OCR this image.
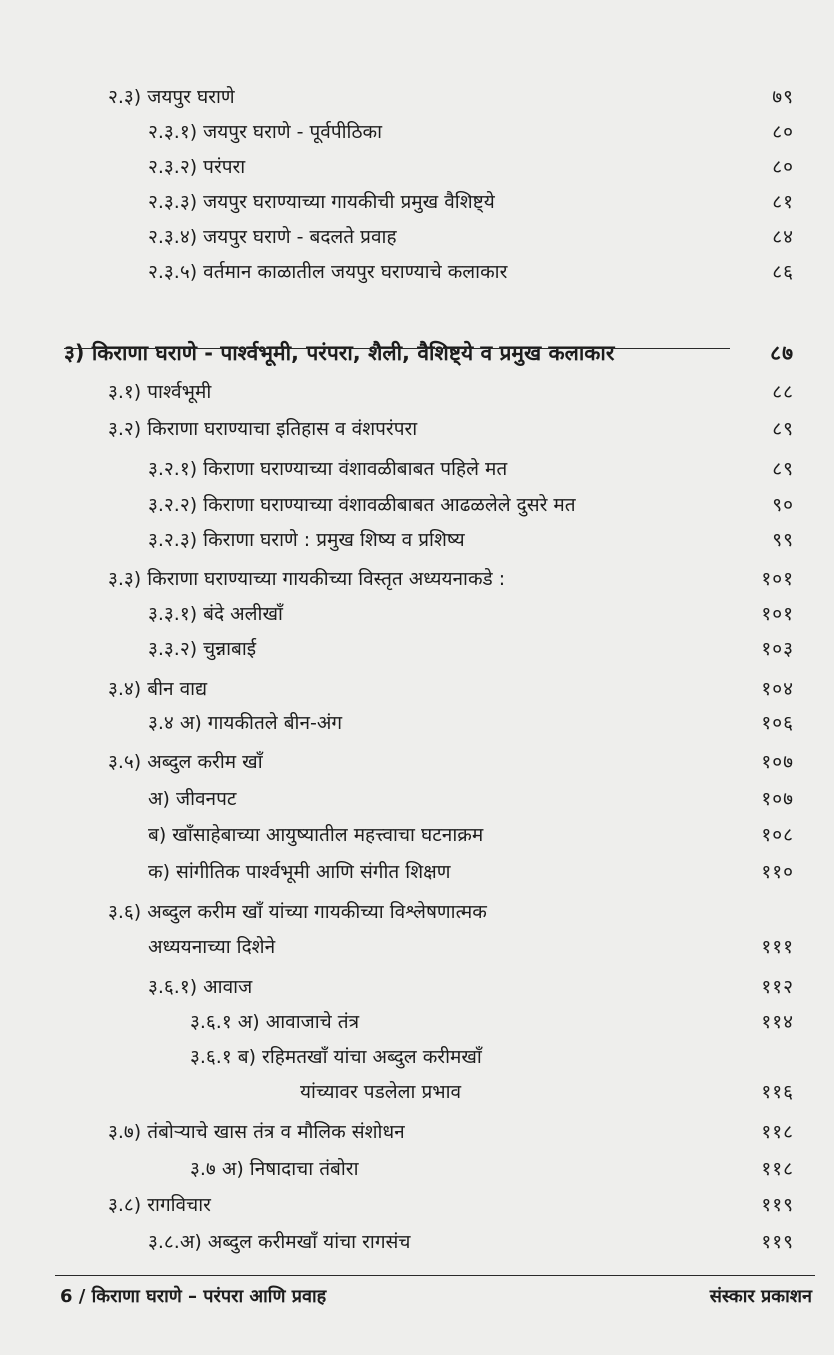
२.३) जयपुर घराणे	७९
२.३.१) जयपुर घराणे - पूर्वपीठिका	८०
२.३.२) परंपरा	८०
२.३.३) जयपुर घराण्याच्या गायकीची प्रमुख वैशिष्ट्ये	८१
२.३.४) जयपुर घराणे - बदलते प्रवाह	८४
२.३.५) वर्तमान काळातील जयपुर घराण्याचे कलाकार	८६
३) किराणा घराणे - पार्श्वभूमी, परंपरा, शैली, वैशिष्ट्ये व प्रमुख कलाकार	८७
३.१) पार्श्वभूमी	८८
३.२) किराणा घराण्याचा इतिहास व वंशपरंपरा	८९
३.२.१) किराणा घराण्याच्या वंशावळीबाबत पहिले मत	८९
३.२.२) किराणा घराण्याच्या वंशावळीबाबत आढळलेले दुसरे मत	९०
३.२.३) किराणा घराणे : प्रमुख शिष्य व प्रशिष्य	९९
३.३) किराणा घराण्याच्या गायकीच्या विस्तृत अध्ययनाकडे :	१०१
३.३.१) बंदे अलीखाँ	१०१
३.३.२) चुन्नाबाई	१०३
३.४) बीन वाद्य	१०४
३.४ अ) गायकीतले बीन-अंग	१०६
३.५) अब्दुल करीम खाँ	१०७
अ) जीवनपट	१०७
ब) खाँसाहेबाच्या आयुष्यातील महत्त्वाचा घटनाक्रम	१०८
क) सांगीतिक पार्श्वभूमी आणि संगीत शिक्षण	११०
३.६) अब्दुल करीम खाँ यांच्या गायकीच्या विश्लेषणात्मक
अध्ययनाच्या दिशेने	१११
३.६.१) आवाज	११२
३.६.१ अ) आवाजाचे तंत्र	११४
३.६.१ ब) रहिमतखाँ यांचा अब्दुल करीमखाँ
यांच्यावर पडलेला प्रभाव	११६
३.७) तंबोऱ्याचे खास तंत्र व मौलिक संशोधन	११८
३.७ अ) निषादाचा तंबोरा	११८
३.८) रागविचार	११९
३.८.अ) अब्दुल करीमखाँ यांचा रागसंच	११९
6 / किराणा घराणे – परंपरा आणि प्रवाह	संस्कार प्रकाशन
